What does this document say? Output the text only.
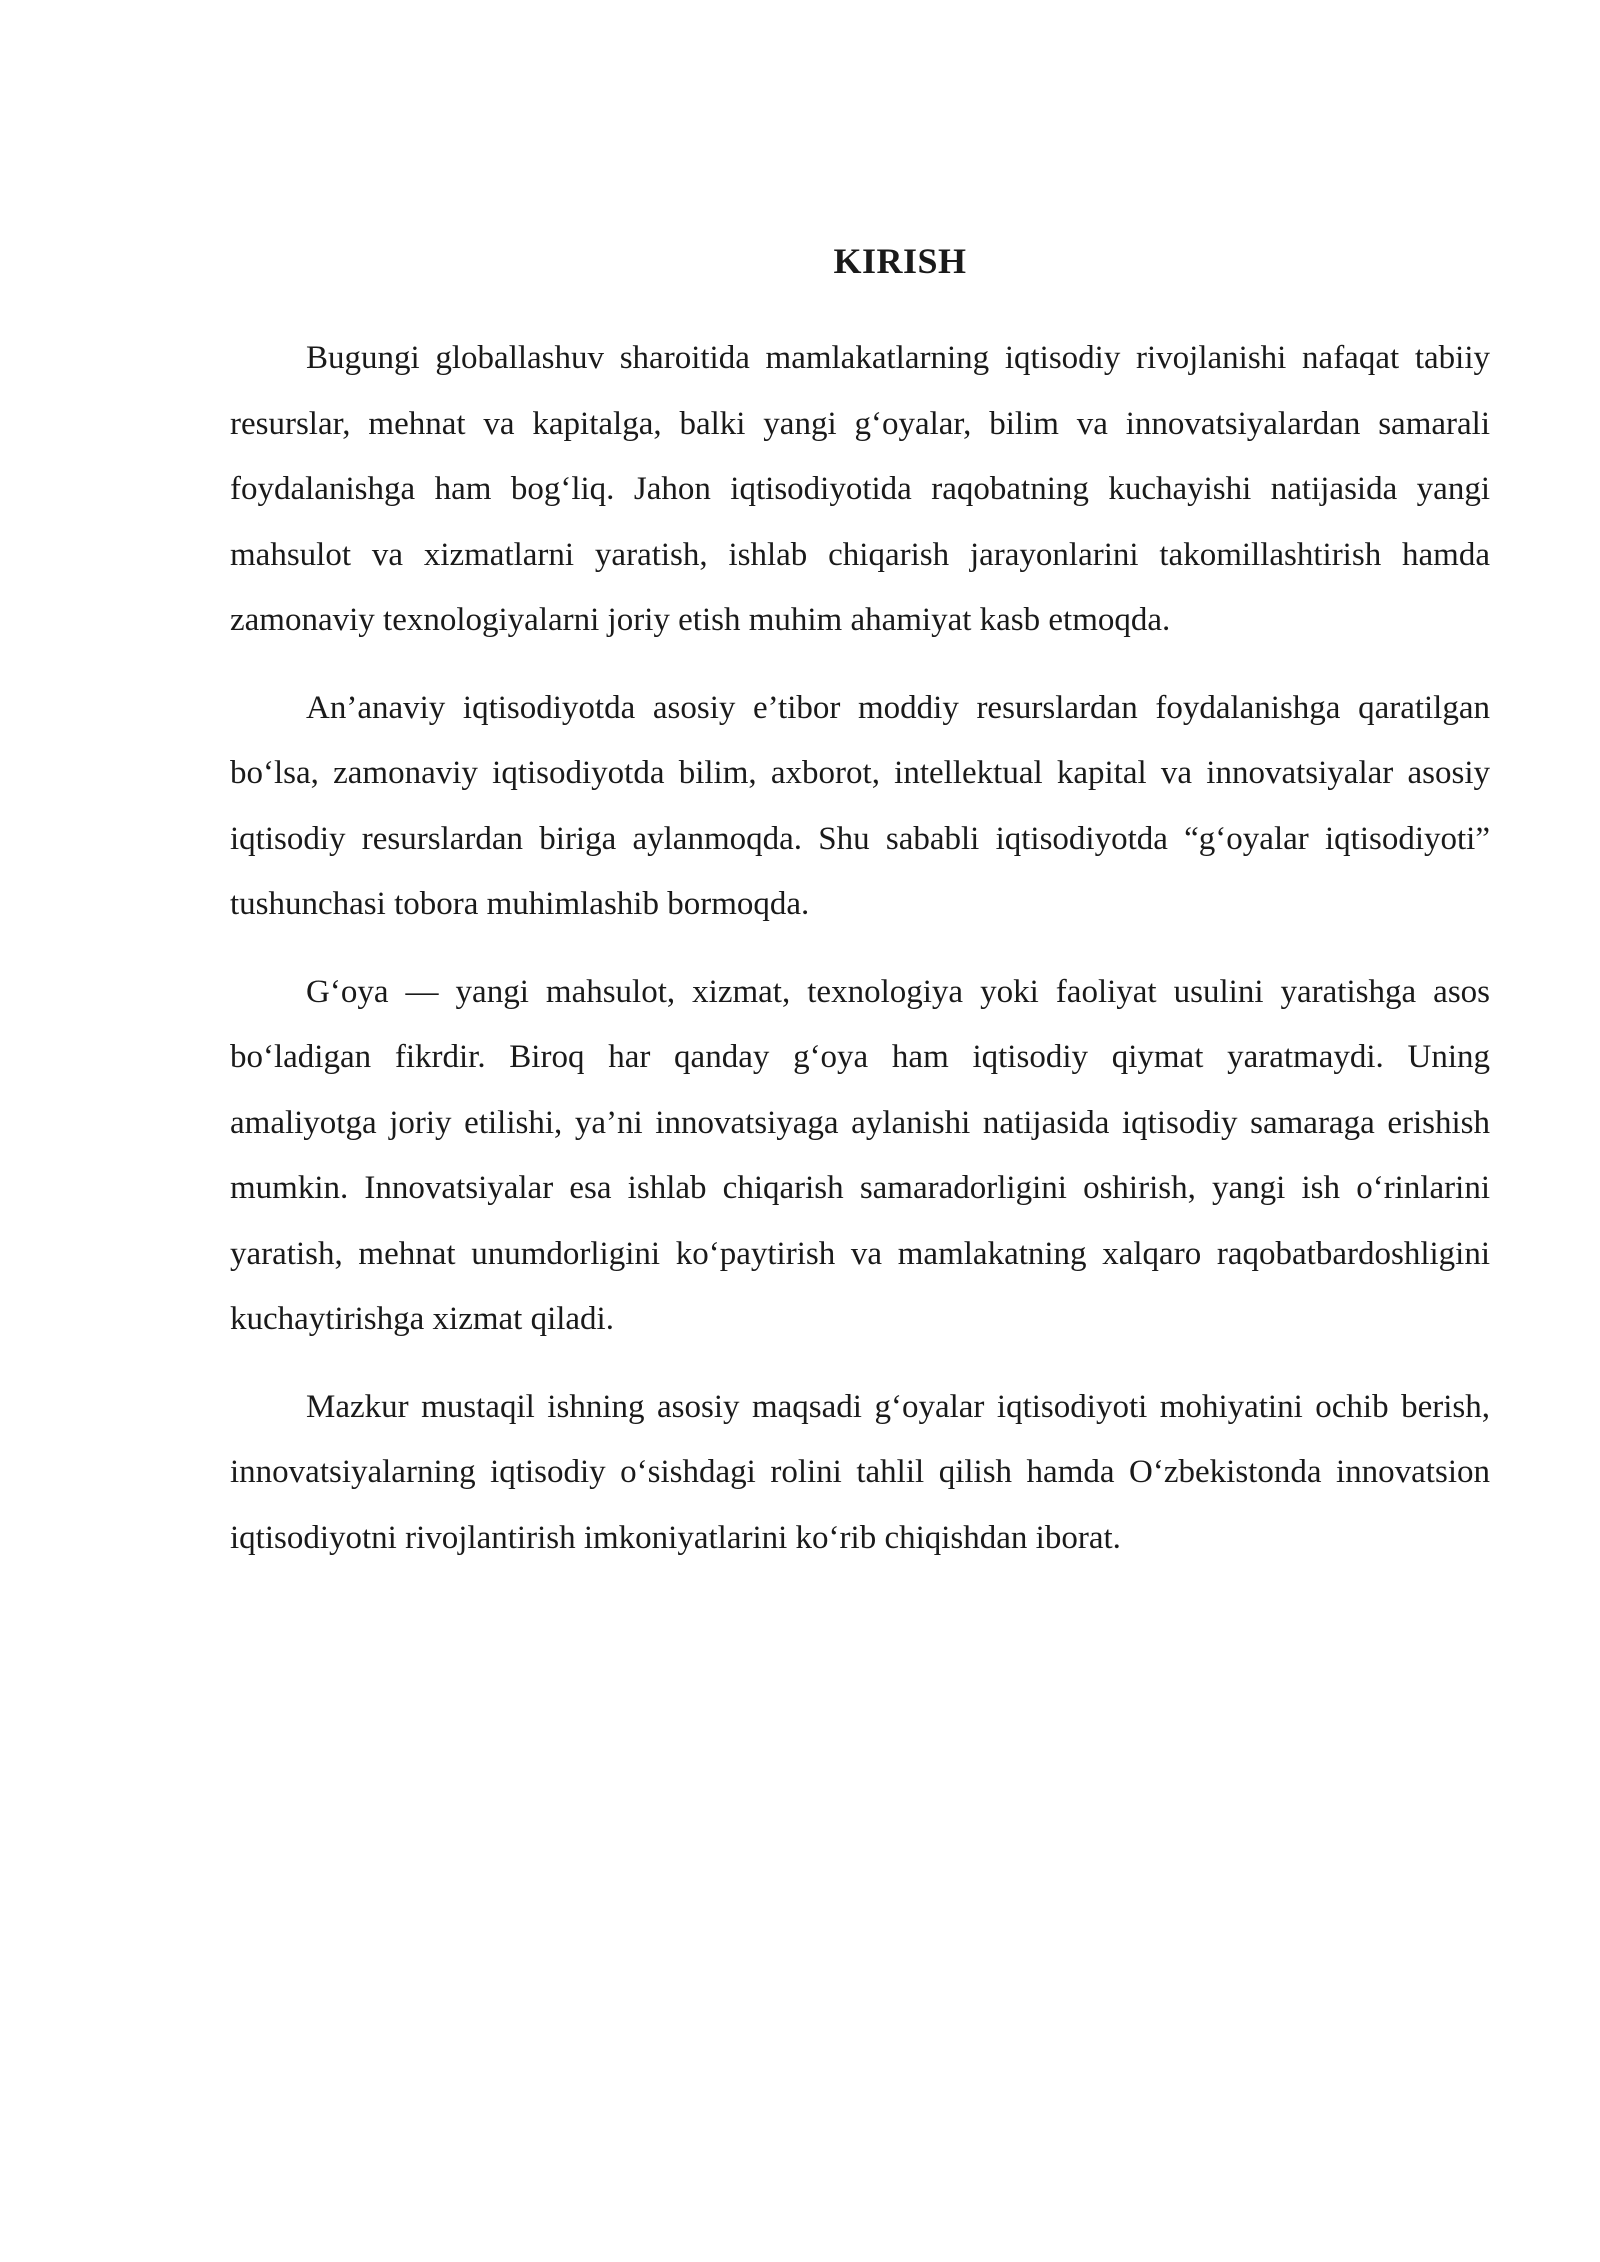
KIRISH

Bugungi globallashuv sharoitida mamlakatlarning iqtisodiy rivojlanishi nafaqat tabiiy resurslar, mehnat va kapitalga, balki yangi g‘oyalar, bilim va innovatsiyalardan samarali foydalanishga ham bog‘liq. Jahon iqtisodiyotida raqobatning kuchayishi natijasida yangi mahsulot va xizmatlarni yaratish, ishlab chiqarish jarayonlarini takomillashtirish hamda zamonaviy texnologiyalarni joriy etish muhim ahamiyat kasb etmoqda.

An’anaviy iqtisodiyotda asosiy e’tibor moddiy resurslardan foydalanishga qaratilgan bo‘lsa, zamonaviy iqtisodiyotda bilim, axborot, intellektual kapital va innovatsiyalar asosiy iqtisodiy resurslardan biriga aylanmoqda. Shu sababli iqtisodiyotda “g‘oyalar iqtisodiyoti” tushunchasi tobora muhimlashib bormoqda.

G‘oya — yangi mahsulot, xizmat, texnologiya yoki faoliyat usulini yaratishga asos bo‘ladigan fikrdir. Biroq har qanday g‘oya ham iqtisodiy qiymat yaratmaydi. Uning amaliyotga joriy etilishi, ya’ni innovatsiyaga aylanishi natijasida iqtisodiy samaraga erishish mumkin. Innovatsiyalar esa ishlab chiqarish samaradorligini oshirish, yangi ish o‘rinlarini yaratish, mehnat unumdorligini ko‘paytirish va mamlakatning xalqaro raqobatbardoshligini kuchaytirishga xizmat qiladi.

Mazkur mustaqil ishning asosiy maqsadi g‘oyalar iqtisodiyoti mohiyatini ochib berish, innovatsiyalarning iqtisodiy o‘sishdagi rolini tahlil qilish hamda O‘zbekistonda innovatsion iqtisodiyotni rivojlantirish imkoniyatlarini ko‘rib chiqishdan iborat.
